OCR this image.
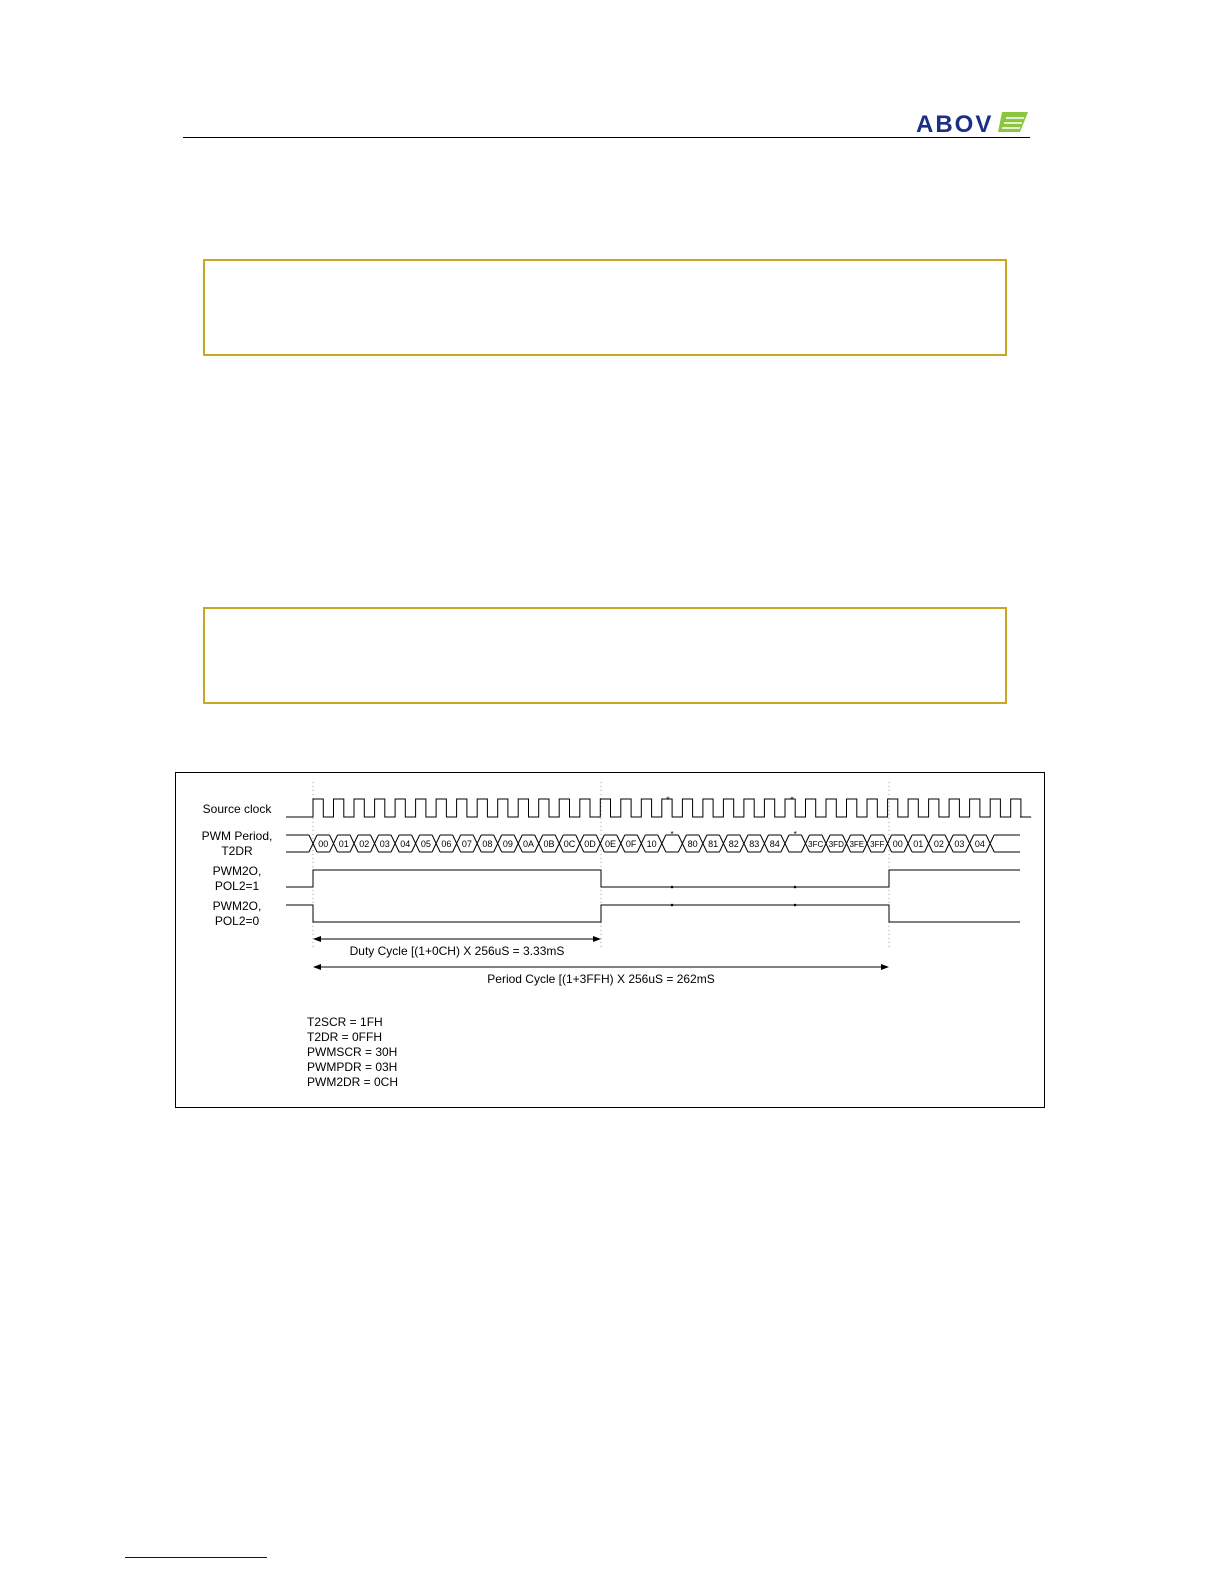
ABOV
Source clock
PWM Period,
T2DR
PWM2O,
POL2=1
PWM2O,
POL2=0
*	*
00 01 02 03 04 05 06 07 08 09 0A 0B 0C 0D 0E 0F 10
*
80 81 82 83 84
*
3FC 3FD 3FE 3FF 00 01 02 03 04
Duty Cycle [(1+0CH) X 256uS = 3.33mS
Period Cycle [(1+3FFH) X 256uS = 262mS
T2SCR = 1FH
T2DR = 0FFH
PWMSCR = 30H
PWMPDR = 03H
PWM2DR = 0CH
